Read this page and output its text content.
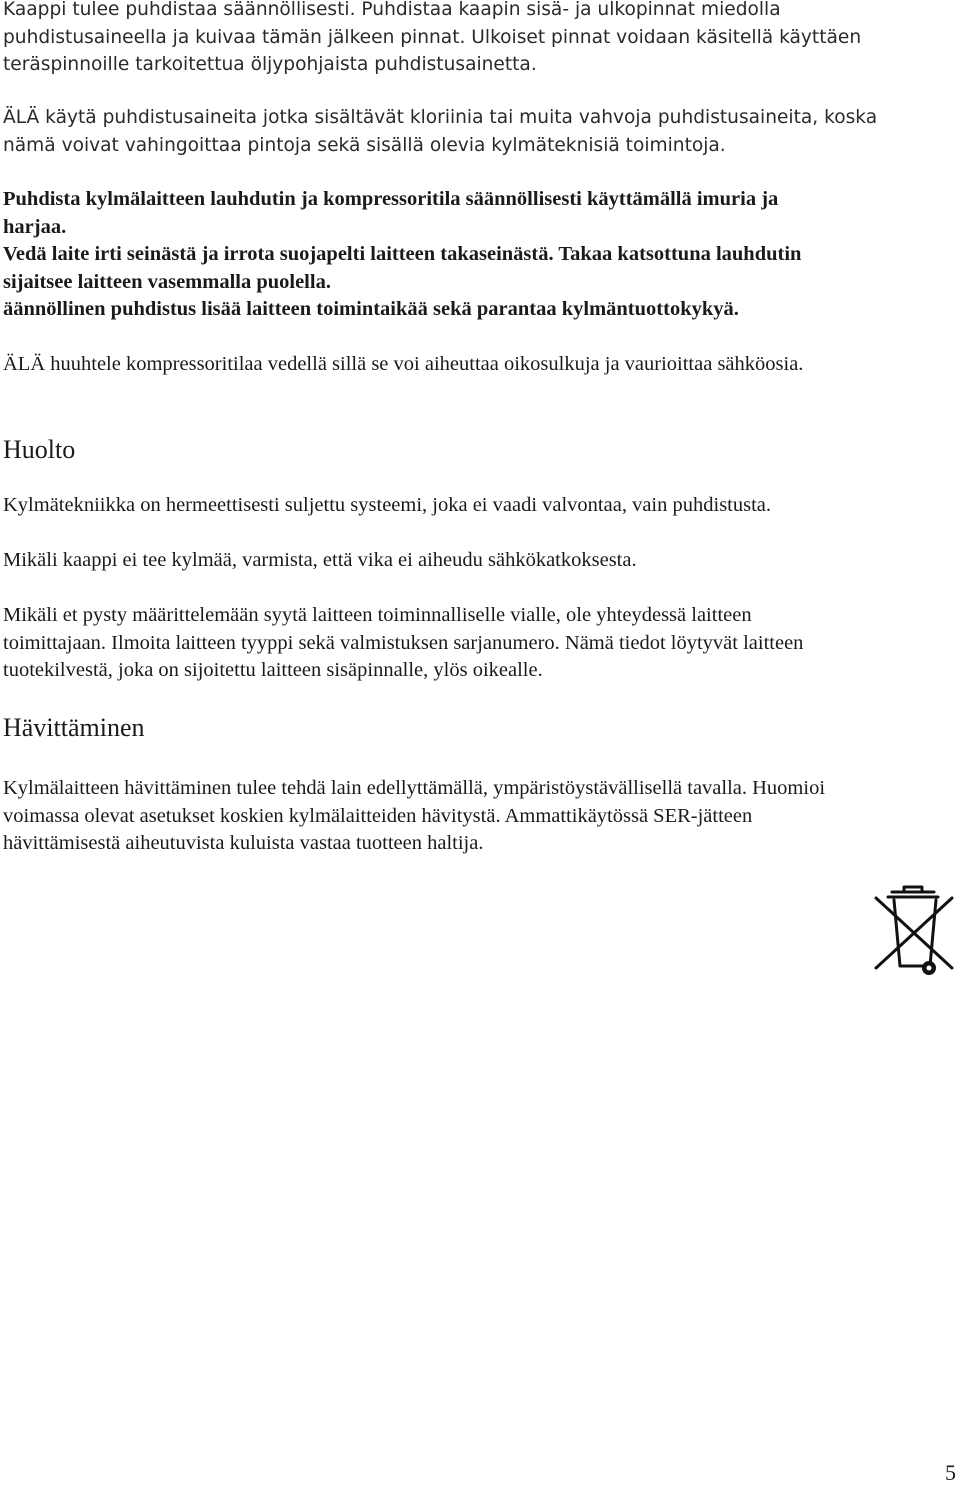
Kaappi tulee puhdistaa säännöllisesti. Puhdistaa kaapin sisä- ja ulkopinnat miedolla
puhdistusaineella ja kuivaa tämän jälkeen pinnat. Ulkoiset pinnat voidaan käsitellä käyttäen
teräspinnoille tarkoitettua öljypohjaista puhdistusainetta.

ÄLÄ käytä puhdistusaineita jotka sisältävät kloriinia tai muita vahvoja puhdistusaineita, koska
nämä voivat vahingoittaa pintoja sekä sisällä olevia kylmäteknisiä toimintoja.

Puhdista kylmälaitteen lauhdutin ja kompressoritila säännöllisesti käyttämällä imuria ja
harjaa.
Vedä laite irti seinästä ja irrota suojapelti laitteen takaseinästä. Takaa katsottuna lauhdutin
sijaitsee laitteen vasemmalla puolella.
äännöllinen puhdistus lisää laitteen toimintaikää sekä parantaa kylmäntuottokykyä.

ÄLÄ huuhtele kompressoritilaa vedellä sillä se voi aiheuttaa oikosulkuja ja vaurioittaa sähköosia.

Huolto

Kylmätekniikka on hermeettisesti suljettu systeemi, joka ei vaadi valvontaa, vain puhdistusta.

Mikäli kaappi ei tee kylmää, varmista, että vika ei aiheudu sähkökatkoksesta.

Mikäli et pysty määrittelemään syytä laitteen toiminnalliselle vialle, ole yhteydessä laitteen
toimittajaan. Ilmoita laitteen tyyppi sekä valmistuksen sarjanumero. Nämä tiedot löytyvät laitteen
tuotekilvestä, joka on sijoitettu laitteen sisäpinnalle, ylös oikealle.

Hävittäminen

Kylmälaitteen hävittäminen tulee tehdä lain edellyttämällä, ympäristöystävällisellä tavalla. Huomioi
voimassa olevat asetukset koskien kylmälaitteiden hävitystä. Ammattikäytössä SER-jätteen
hävittämisestä aiheutuvista kuluista vastaa tuotteen haltija.

5
